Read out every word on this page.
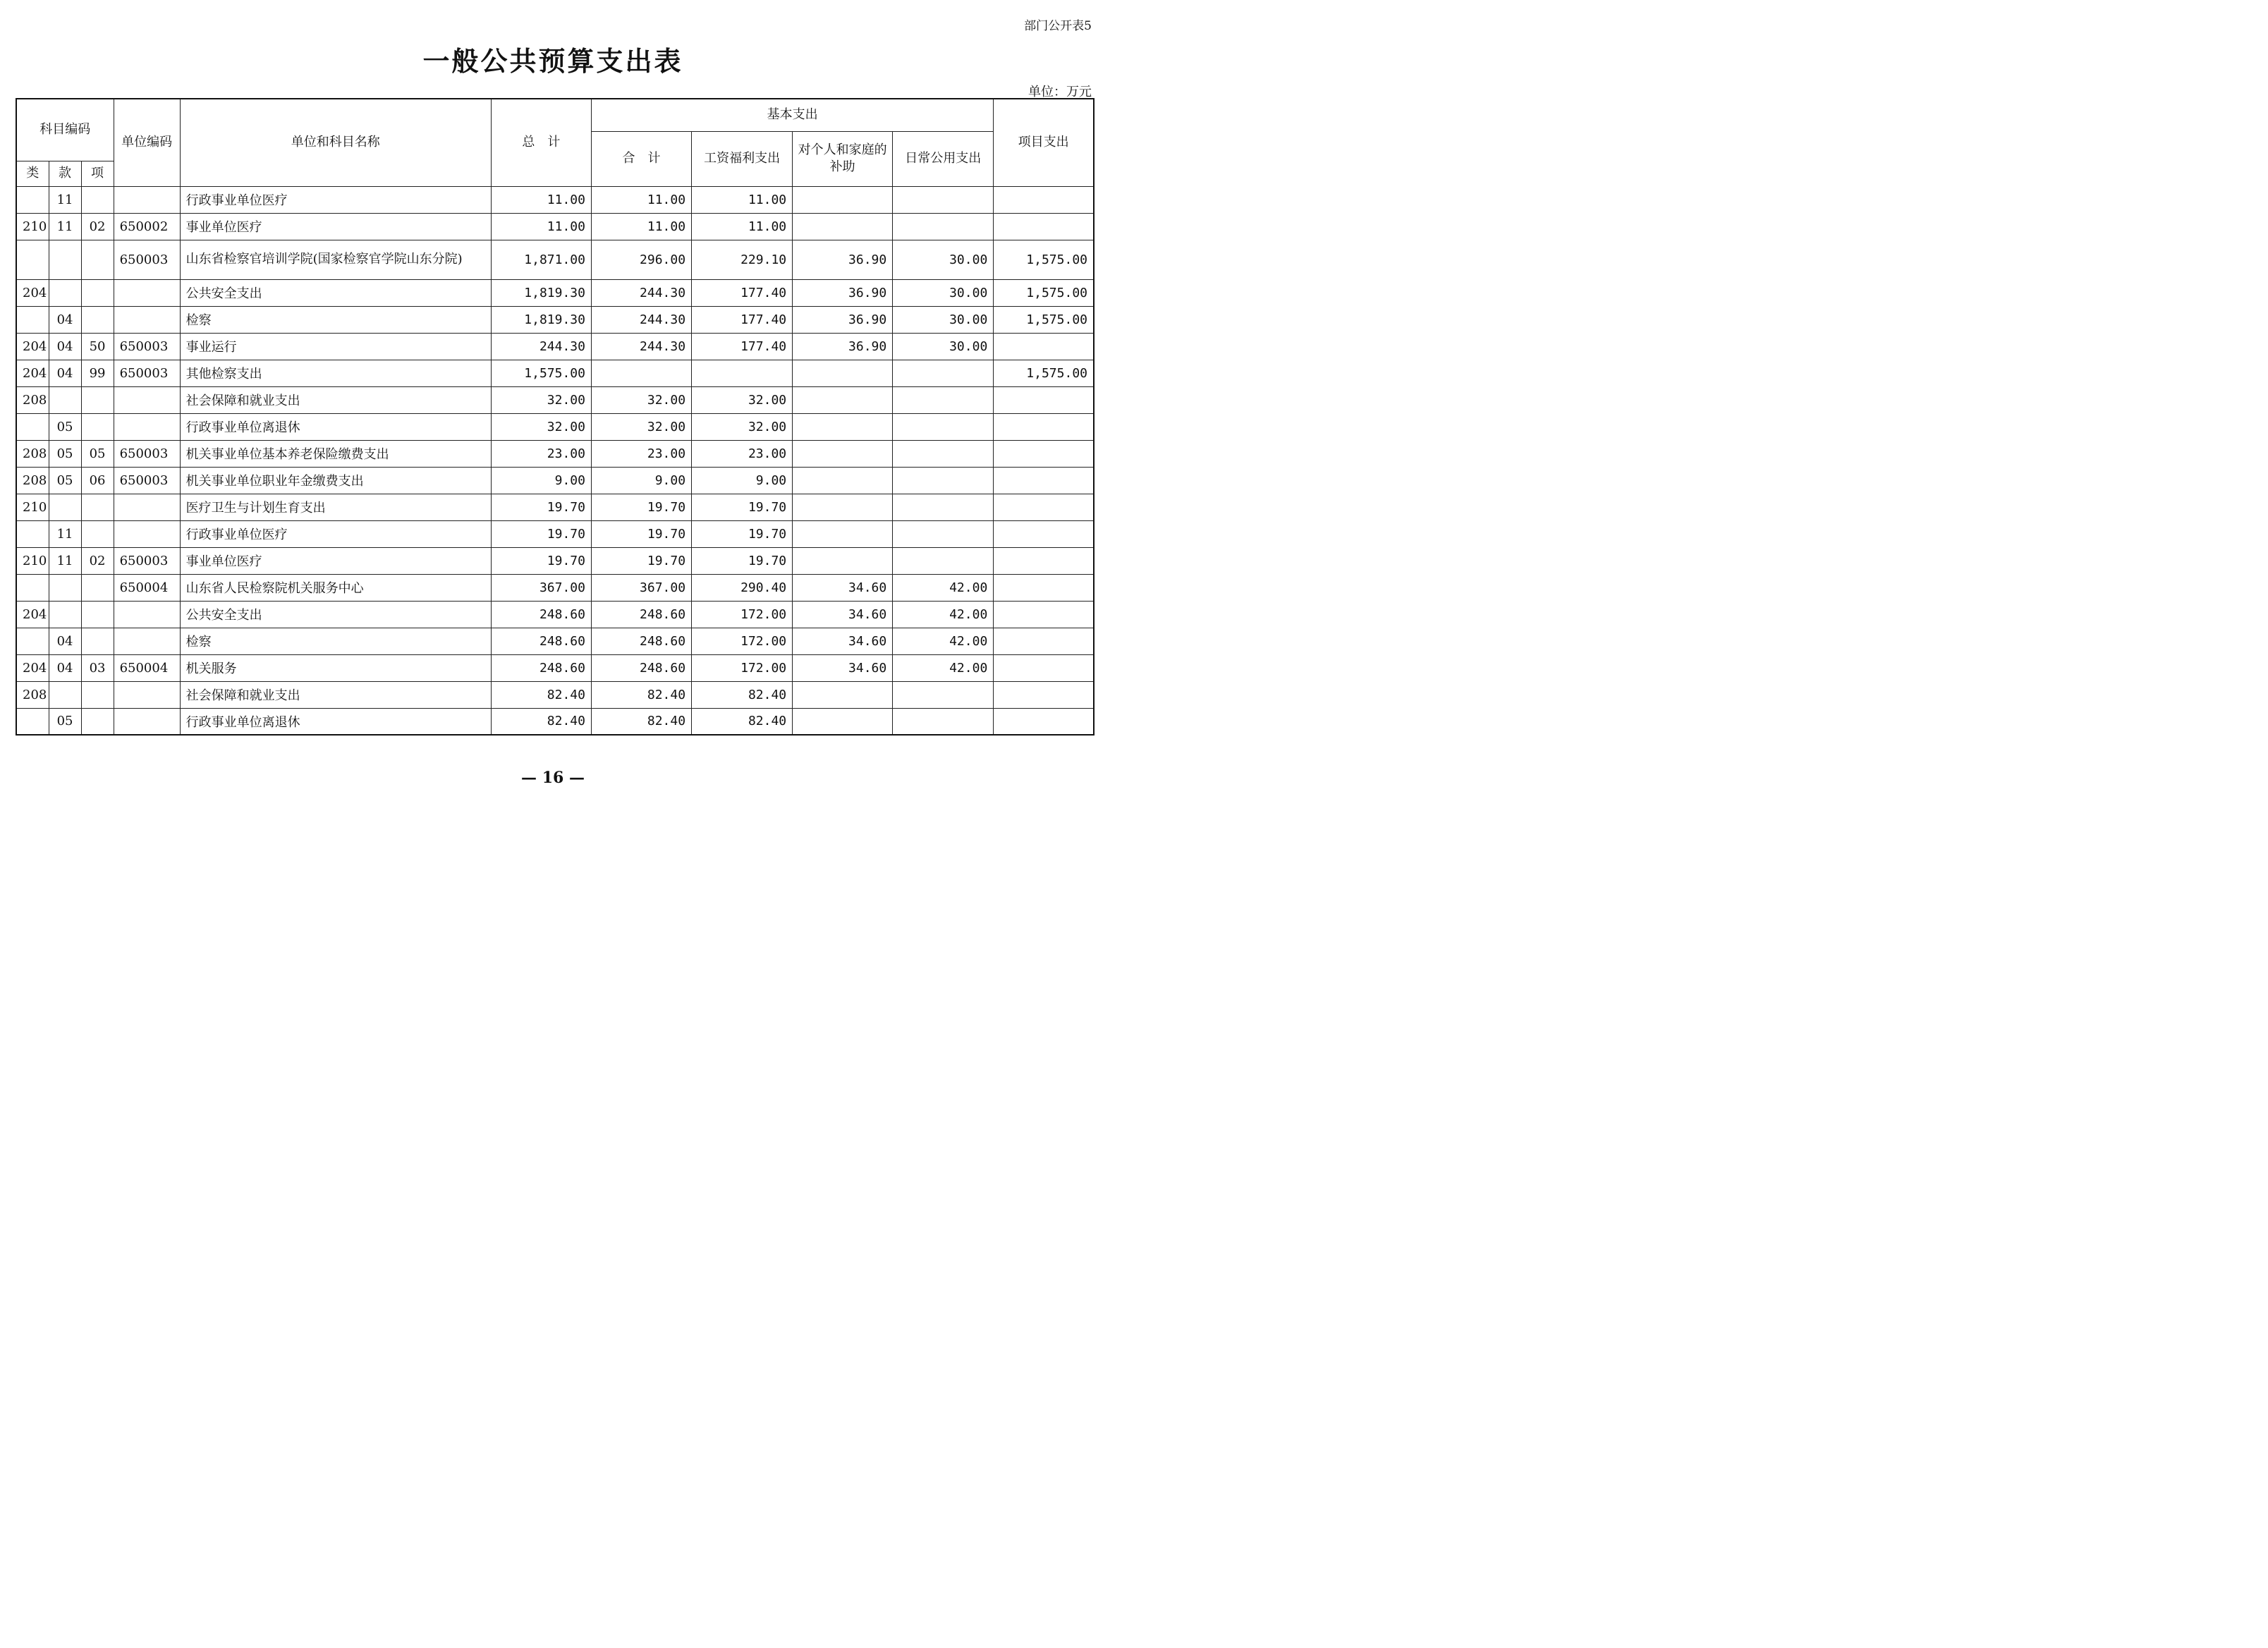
部门公开表5
一般公共预算支出表
单位：万元
科目编码			单位编码	单位和科目名称	总　计	基本支出				项目支出
						合　计	工资福利支出	对个人和家庭的补助	日常公用支出	
类	款	项								
	11			行政事业单位医疗	11.00	11.00	11.00			
210	11	02	650002	事业单位医疗	11.00	11.00	11.00			
			650003	山东省检察官培训学院(国家检察官学院山东分院)	1,871.00	296.00	229.10	36.90	30.00	1,575.00
204				公共安全支出	1,819.30	244.30	177.40	36.90	30.00	1,575.00
	04			检察	1,819.30	244.30	177.40	36.90	30.00	1,575.00
204	04	50	650003	事业运行	244.30	244.30	177.40	36.90	30.00	
204	04	99	650003	其他检察支出	1,575.00					1,575.00
208				社会保障和就业支出	32.00	32.00	32.00			
	05			行政事业单位离退休	32.00	32.00	32.00			
208	05	05	650003	机关事业单位基本养老保险缴费支出	23.00	23.00	23.00			
208	05	06	650003	机关事业单位职业年金缴费支出	9.00	9.00	9.00			
210				医疗卫生与计划生育支出	19.70	19.70	19.70			
	11			行政事业单位医疗	19.70	19.70	19.70			
210	11	02	650003	事业单位医疗	19.70	19.70	19.70			
			650004	山东省人民检察院机关服务中心	367.00	367.00	290.40	34.60	42.00	
204				公共安全支出	248.60	248.60	172.00	34.60	42.00	
	04			检察	248.60	248.60	172.00	34.60	42.00	
204	04	03	650004	机关服务	248.60	248.60	172.00	34.60	42.00	
208				社会保障和就业支出	82.40	82.40	82.40			
	05			行政事业单位离退休	82.40	82.40	82.40			
— 16 —
